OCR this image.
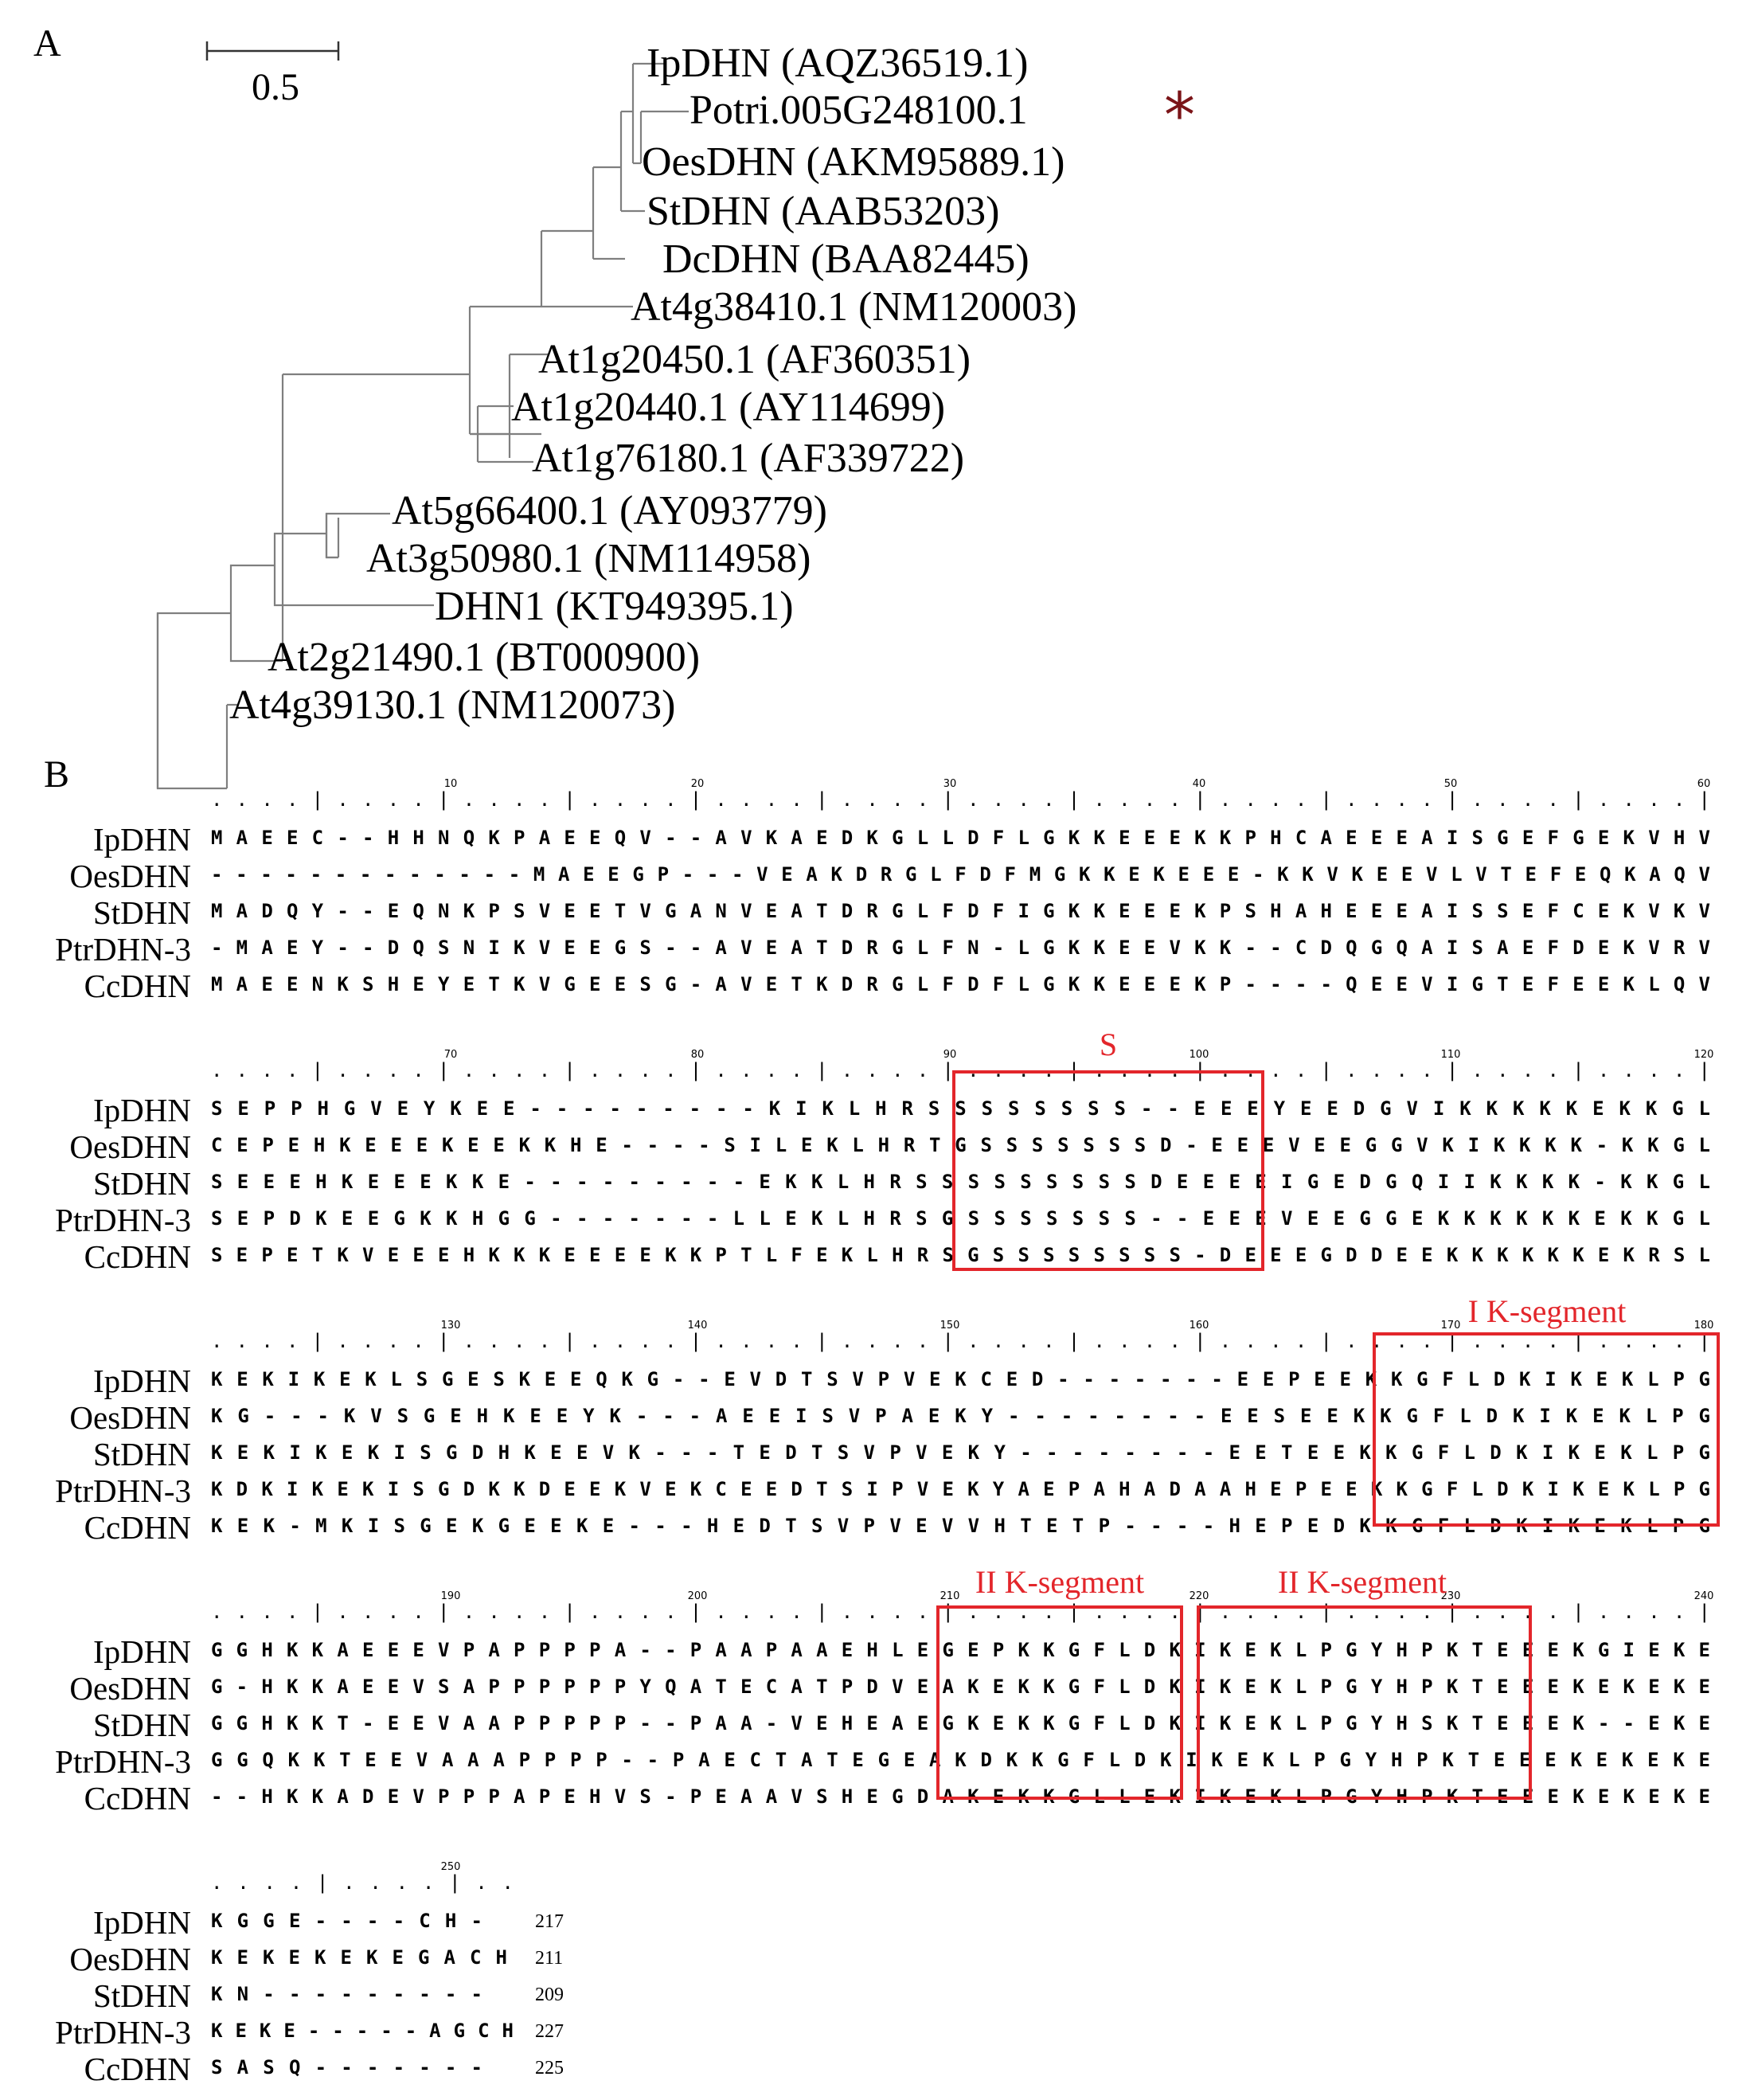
A
0.5
IpDHN (AQZ36519.1)
Potri.005G248100.1 *
OesDHN (AKM95889.1)
StDHN (AAB53203)
DcDHN (BAA82445)
At4g38410.1 (NM120003)
At1g20450.1 (AF360351)
At1g20440.1 (AY114699)
At1g76180.1 (AF339722)
At5g66400.1 (AY093779)
At3g50980.1 (NM114958)
DHN1 (KT949395.1)
At2g21490.1 (BT000900)
At4g39130.1 (NM120073)
B	10	20	30	40	50	60
. . . . | . . . . | . . . . | . . . . | . . . . | . . . . | . . . . | . . . . | . . . . | . . . . | . . . . | . . . . |
IpDHN MAEEC--HHNQKPAEEQV--AVKAEDKGLLDFLGKKEEEKKPHCAEEEAISGEFGEKVHV
OesDHN -------------MAEEGP---VEAKDRGLFDFMGKKEKEEE-KKVKEEVLVTEFEQKAQV
StDHN MADQY--EQNKPSVEETVGANVEATDRGLFDFIGKKEEEKPSHAHEEEAISSEFCEKVKV
PtrDHN-3 -MAEY--DQSNIKVEEGS--AVEATDRGLFN-LGKKEEVKK--CDQGQAISAEFDEKVRV
CcDHN MAEENKSHEYETKVGEESG-AVETKDRGLFDFLGKKEEEKP----QEEVIGTEFEEKLQV
70	80	90	100	110	120
. . . . | . . . . | . . . . | . . . . | . . . . | . . . . | . . . . | . . . . | . . . . | . . . . | . . . . | . . . . |
IpDHN SEPPHGVEYKEE---------KIKLHRSSSSSSSS--EEEYEEDGVIKKKKKEKKGL
OesDHN CEPEHKEEEKEEKKHE----SILEKLHRTGSSSSSSSD-EEEVEEGGVKIKKKK-KKGL
StDHN SEEEHKEEEKKE---------EKKLHRSSSSSSSSSDEEEEIGEDGQIIKKKK-KKGL
PtrDHN-3 SEPDKEEGKKHGG-------LLEKLHRSGSSSSSSS--EEEVEEGGEKKKKKKEKKGL
CcDHN SEPETKVEEEHKKKEEEEKKPTLFEKLHRSGSSSSSSSS-DEEEGDDEEKKKKKKEKRSL
S
130	140	150	160	170	180
. . . . | . . . . | . . . . | . . . . | . . . . | . . . . | . . . . | . . . . | . . . . | . . . . | . . . . | . . . . |
IpDHN KEKIKEKLSGESKEEQKG--EVDTSVPVEKCED-------EEPEEKKGFLDKIKEKLPG
OesDHN KG---KVSGEHKEEYK---AEEISVPAEKY--------EESEEKKGFLDKIKEKLPG
StDHN KEKIKEKISGDHKEEVK---TEDTSVPVEKY--------EETEEKKGFLDKIKEKLPG
PtrDHN-3 KDKIKEKISGDKKDEEKVEKCEEDTSIPVEKYAEPAHADAAHEPEEKKGFLDKIKEKLPG
CcDHN KEK-MKISGEKGEEKE---HEDTSVPVEVVHTETP----HEPEDKKGFLDKIKEKLPG
I K-segment
190	200	210	220	230	240
. . . . | . . . . | . . . . | . . . . | . . . . | . . . . | . . . . | . . . . | . . . . | . . . . | . . . . | . . . . |
IpDHN GGHKKAEEEVPAPPPPA--PAAPAAEHLEGEPKKGFLDKIKEKLPGYHPKTEEEKGIEKE
OesDHN G-HKKAEEVSAPPPPPPYQATECATPDVEAKEKKGFLDKIKEKLPGYHPKTEEEKEKEKE
StDHN GGHKKT-EEVAAPPPPP--PAA-VEHEAEGKEKKGFLDKIKEKLPGYHSKTEEEK--EKE
PtrDHN-3 GGQKKTEEVAAAPPPP--PAECTATEGEAKDKKGFLDKIKEKLPGYHPKTEEEKEKEKE
CcDHN --HKKADEVPPPAPEHVS-PEAAVSHEGDAKEKKGLLEKIKEKLPGYHPKTEEEKEKEKE
II K-segment	II K-segment
250
. . . . | . . . . | . .
IpDHN KGGE----CH-	217
OesDHN KEKEKEKEGACH 211
StDHN KN---------	209
PtrDHN-3 KEKE-----AGCH 227
CcDHN SASQ-------	225
